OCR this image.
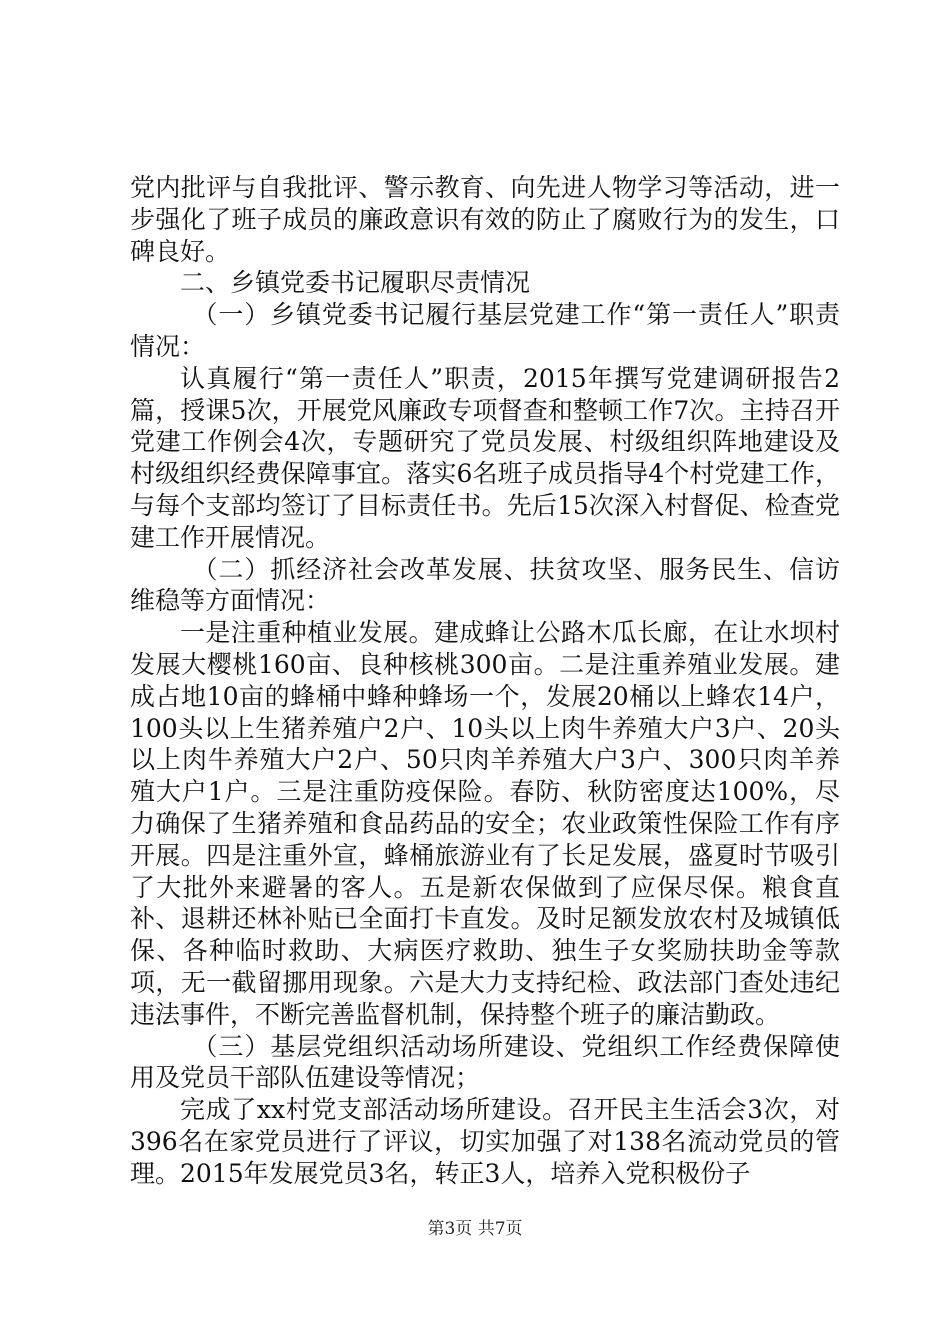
党内批评与自我批评、警示教育、向先进人物学习等活动，进一步强化了班子成员的廉政意识有效的防止了腐败行为的发生，口碑良好。

二、乡镇党委书记履职尽责情况

（一）乡镇党委书记履行基层党建工作“第一责任人”职责情况：

认真履行“第一责任人”职责，2015年撰写党建调研报告2篇，授课5次，开展党风廉政专项督查和整顿工作7次。主持召开党建工作例会4次，专题研究了党员发展、村级组织阵地建设及村级组织经费保障事宜。落实6名班子成员指导4个村党建工作，与每个支部均签订了目标责任书。先后15次深入村督促、检查党建工作开展情况。

（二）抓经济社会改革发展、扶贫攻坚、服务民生、信访维稳等方面情况：

一是注重种植业发展。建成蜂让公路木瓜长廊，在让水坝村发展大樱桃160亩、良种核桃300亩。二是注重养殖业发展。建成占地10亩的蜂桶中蜂种蜂场一个，发展20桶以上蜂农14户，100头以上生猪养殖户2户、10头以上肉牛养殖大户3户、20头以上肉牛养殖大户2户、50只肉羊养殖大户3户、300只肉羊养殖大户1户。三是注重防疫保险。春防、秋防密度达100%，尽力确保了生猪养殖和食品药品的安全；农业政策性保险工作有序开展。四是注重外宣，蜂桶旅游业有了长足发展，盛夏时节吸引了大批外来避暑的客人。五是新农保做到了应保尽保。粮食直补、退耕还林补贴已全面打卡直发。及时足额发放农村及城镇低保、各种临时救助、大病医疗救助、独生子女奖励扶助金等款项，无一截留挪用现象。六是大力支持纪检、政法部门查处违纪违法事件，不断完善监督机制，保持整个班子的廉洁勤政。

（三）基层党组织活动场所建设、党组织工作经费保障使用及党员干部队伍建设等情况；

完成了xx村党支部活动场所建设。召开民主生活会3次，对396名在家党员进行了评议，切实加强了对138名流动党员的管理。2015年发展党员3名，转正3人，培养入党积极份子

第3页 共7页
